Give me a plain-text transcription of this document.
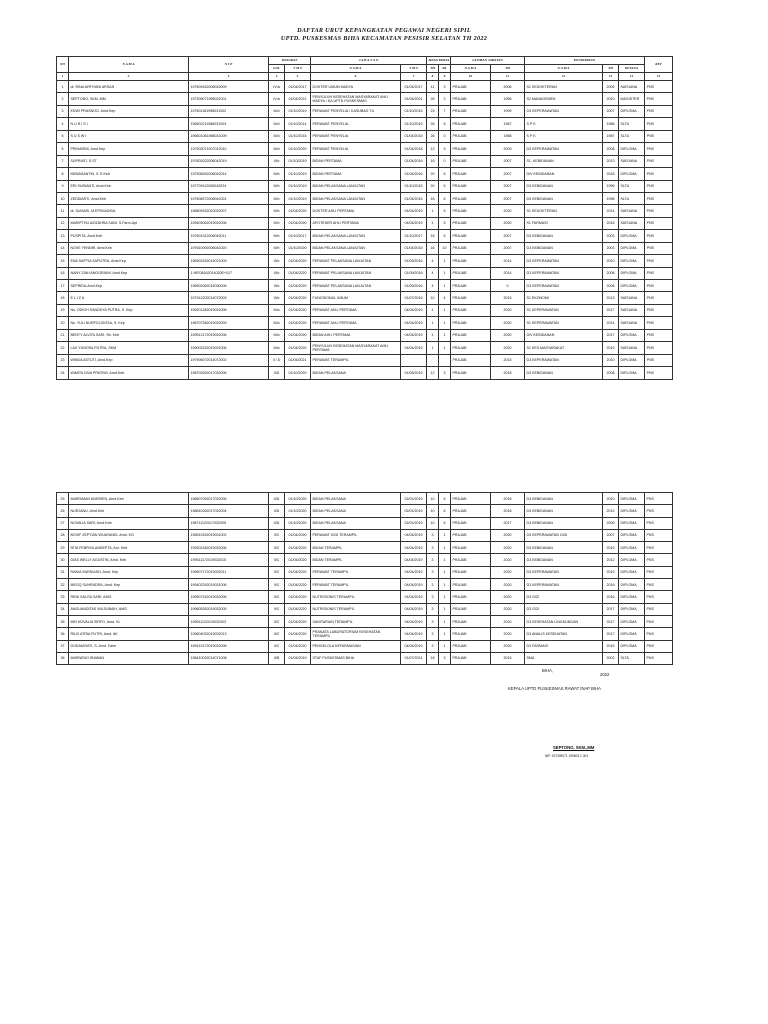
DAFTAR URUT KEPANGKATAN PEGAWAI NEGERI SIPIL
UPTD. PUSKESMAS BIHA KECAMATAN PESISIR SELATAN TH 2022
NO	N A M A	N I P	PANGKAT		J A B A T A N		MASA KERJA		LATIHAN JABATAN		PENDIDIKAN			KET
			GOL	T M T	N A M A	T M T	TH	BL	N A M A	TH	N A M A	TH	KETANA	
1	2	3	4	5	6	7	8	9	10	11	12	13	14	15
1	dr. RINA ARFIYANI ARSAN	197609162006042009	IV/a	01/04/2017	DOKTER UMUM MADYA	01/04/2017	11	3	PRAJAB	2006	S1 KEDOKTERAN	2005	SARJANA	PNS
2	SEPTONO, SKM.,MM	197309071996031001	IV/a	01/04/2021	PENYULUH KESEHATAN MASYARAKAT AHLI MADYA / KA.UPTD PUSKESMAS	01/04/2021	26	2	PRAJAB	1996	S2 MANAGEMEN	2010	MAGISTER	PNS
3	EDWI PRASNOO, Amd.Kep	197601181998031002	III/d	01/10/2019	PERAWAT PENYELIA / KASUBAG TU	01/10/2015	23	7	PRAJAB	1999	D3 KEPERAWATAN	2007	DIPLOMA	PNS
4	N U R I S I	196502211986031003	III/d	01/10/2014	PERAWAT PENYELIA	01/10/2015	26	8	PRAJAB	1987	S P K	1986	SLTA	PNS
5	S U S W I	196601081988031009	III/d	01/10/2015	PERAWAT PENYELIA	01/04/2015	26	0	PRAJAB	1988	S P K	1987	SLTA	PNS
6	PRIHARINI, Amd.Kep	197902071007012010	III/d	01/10/2020	PERAWAT PENYELIA	01/04/2018	13	9	PRAJAB	2009	D3 KEPERAWATAN	2008	DIPLOMA	PNS
7	SUPRIATI, S.ST	197602022006042019	III/c	01/10/2019	BIDAN PERTAMA	01/04/2016	16	0	PRAJAB	2007	S1. KEBIDANAN	2013	SARJANA	PNS
8	MENASANTIN, S.Tr.Keb	197508262006042014	III/b	01/10/2019	BIDAN PERTAMA	01/04/2016	20	6	PRAJAB	2007	DIV KEBIDANAN	2018	DIPLOMA	PNS
9	ERI SURIANTI, Amd.Keb	197709112006042024	III/b	01/10/2019	BIDAN PELAKSANA LANJUTAN	01/10/2015	20	6	PRAJAB	2007	D3 KEBIDANAN	1996	SLTA	PNS
10	ZEDDIARTI, Amd.Keb	197608272006042024	III/b	01/10/2019	BIDAN PELAKSANA LANJUTAN	01/04/2015	16	6	PRAJAB	2007	D3 KEBIDANAN	1998	SLTA	PNS
11	dr. SUHARI, M.EPIDIADIDA	198809152020032007	III/b	01/04/2020	DOKTER AHLI PERTAMA	04/04/2019	1	5	PRAJAB	2020	S1 KEDOKTERAN	2014	SARJANA	PNS
12	MARIFTHU AZIZAHRA SANI, S.Farm.Apt	199403062019032006	III/b	01/04/2020	APOTEKER AHLI PERTAMA	04/04/2019	1	5	PRAJAB	2020	S1 FARMASI	2018	SARJANA	PNS
13	PUSPITA, Amd.Keb	197601312006042011	III/b	01/10/2017	BIDAN PELAKSANA LANJUTAN	01/10/2017	18	6	PRAJAB	2007	D3 KEBIDANAN	2003	DIPLOMA	PNS
14	NOVE YENNIR, Amd.Keb	197610092006042020	III/b	01/10/2020	BIDAN PELAKSANA LANJUTAN	01/04/2015	16	10	PRAJAB	2007	D3 KEBIDANAN	2003	DIPLOMA	PNS
15	ENA SAPTIA SAPUTRA, Amd.Kep	198902152014021009	III/c	01/04/2020	PERAWAT PELAKSANA LANJUTAN	01/09/2016	4	1	PRAJAB	2014	D3 KEPERAWATAN	2010	DIPLOMA	PNS
16	NANY ZIAH ANGGRAINI, Amd.Kep	1.98708162014020E+017	III/c	01/04/2020	PERAWAT PELAKSANA LANJUTAN	01/09/2016	4	1	PRAJAB	2014	D3 KEPERAWATAN	2008	DIPLOMA	PNS
17	SEPRIDA,Amd.Kep	198902062014030006	III/c	01/04/2020	PERAWAT PELAKSANA LANJUTAN	01/09/2016	4	1	PRAJAB	0	D3 KEPERAWATAN	2008	DIPLOMA	PNS
18	E L I Z A	197912202014072003	III/c	01/04/2020	FUNGSIONAL UMUM	01/07/2016	10	4	PRAJAB	2015	S1 EKONOMI	2013	SARJANA	PNS
19	Ns. ODIGH SANGKYA PUTRA, S. Kep	199201282019031006	III/a	01/04/2020	PERAWAT AHLI PERTAMA	04/04/2019	1	1	PRAJAB	2020	S1 KEPERAWATAN	2017	SARJANA	PNS
20	Ns. YULI NURFOLIGOSA, S. Kep	198707282019032009	III/a	01/04/2020	PERAWAT AHLI PERTAMA	04/04/2019	1	1	PRAJAB	2020	S1 KEPERAWATAN	2014	SARJANA	PNS
21	BENTY ALVITA SARI, Str. Keb	199512172019032006	III/a	01/04/2020	BIDAN AHLI PERTAMA	04/04/2019	1	1	PRAJAB	2020	DIV KEBIDANAN	2017	DIPLOMA	PNS
22	LAX YUNOSA PUTRA, SKM	199002232019031006	III/a	01/04/2020	PENYULUH KESEHATAN MASYARAKAT AHLI PERTAMA	04/04/2019	1	1	PRAJAB	2020	S1 KES.MASYARAKAT	2015	SARJANA	PNS
23	WINDA ASTUTI, Amd.Kep	197906072014072002	II / D	01/04/2021	PERAWAT TERAMPIL				PRAJAB	2015	D3 KEPERAWATAN	2010	DIPLOMA	PNS
24	WIMITA DIVA PRATIWI, Amd.Keb	198703262017032006	II/D	01/10/2020	BIDAN PELAKSANA	01/05/2019	12	3	PRAJAB	2018	D3 KEBIDANAN	2008	DIPLOMA	PNS
25	MARDIMAH ANDRIEN, Amd.Keb	198607092017032006	II/D	01/10/2020	BIDAN PELAKSANA	02/01/2019	10	6	PRAJAB	2018	D3 KEBIDANAN	2010	DIPLOMA	PNS
26	NURJANU, Amd.Keb	198810262017032004	II/D	01/10/2020	BIDAN PELAKSANA	02/01/2019	10	6	PRAJAB	2018	D3 KEBIDANAN	2012	DIPLOMA	PNS
27	NOVALIA SARI, Amd.Keb	198711122017032005	II/D	01/10/2020	BIDAN PELAKSANA	02/01/2019	10	6	PRAJAB	2017	D3 KEBIDANAN	2009	DIPLOMA	PNS
28	BOVIF ZEPTIAN WIJAYANDI, Amd. KG	198510152019031002	II/C	01/04/2020	PERAWAT GIGI TERAMPIL	04/04/2019	3	1	PRAJAB	2020	D3 KEPERAWATAN GIGI	2007	DIPLOMA	PNS
29	RITA FEBRIYA ANDEPTA, Am. Keb	199302182019032006	II/C	01/04/2020	BIDAN TERAMPIL	04/04/2019	3	1	PRAJAB	2020	D3 KEBIDANAN	2015	DIPLOMA	PNS
30	DIAS WELLY AGUSTIN, Amd. Keb	199511172019032015	II/C	01/04/2020	BIDAN TERAMPIL	04/04/2019	3	1	PRAJAB	2020	D3 KEBIDANAN	2012	DIPLOMA	PNS
31	RANIA SARDIASH, Amd. Kep	199607172019032011	II/C	01/04/2020	PERAWAT TERAMPIL	04/04/2019	3	1	PRAJAB	2020	D3 KEPERAWATAN	2015	DIPLOMA	PNS
32	MEGQ SUHENDRA, Amd. Kep	199402292019031006	II/C	01/04/2020	PERAWAT TERAMPIL	04/04/2019	3	1	PRAJAB	2020	D3 KEPERAWATAN	2016	DIPLOMA	PNS
33	RENI SALITA SARI, AMG	199507152019032006	II/C	01/04/2020	NUTRISIONIS TERAMPIL	04/04/2019	3	1	PRAJAB	2020	D3 GIZI	2016	DIPLOMA	PNS
34	ANGUANDITAS WILSUBAIH, AMG	199605262019032005	II/C	01/04/2020	NUTRISIONIS TERAMPIL	04/04/2019	3	1	PRAJAB	2020	D3 GIZI	2017	DIPLOMA	PNS
35	MEI NOVALIA SIRFO, Amd. KL	199511122019032003	II/C	01/04/2020	SANITARIAN TERAMPIL	04/04/2019	3	1	PRAJAB	2020	D3 KESEHATAN LINGKUNGAN	2017	DIPLOMA	PNS
36	RILVI ATRIA PUTRI, Amd. AK	199604032019032013	II/C	01/04/2020	PRANATA LABORATORIUM KESEHATAN TERAMPIL	04/04/2019	3	1	PRAJAB	2020	D3 ANALIS KESEHATAN	2017	DIPLOMA	PNS
37	DODAMIYATI, S. Amd. Farm	199410172019032006	II/C	01/04/2020	PENGELOLA KEFARMASIAN	04/04/2019	3	1	PRAJAB	2020	D3 FARMASI	2015	DIPLOMA	PNS
38	MARNENO IRAWAN	198410032014071008	II/B	01/04/2019	STAF PUSKESMAS BIHA	01/07/2014	18	3	PRAJAB	2015	SMA	2002	SLTA	PNS
BIHA,
2022
KEPALA UPTD PUSKESMAS RAWAT INAP BIHA
SEPTONO, SKM.,MM
NIP. 197309071 199603 1 001
